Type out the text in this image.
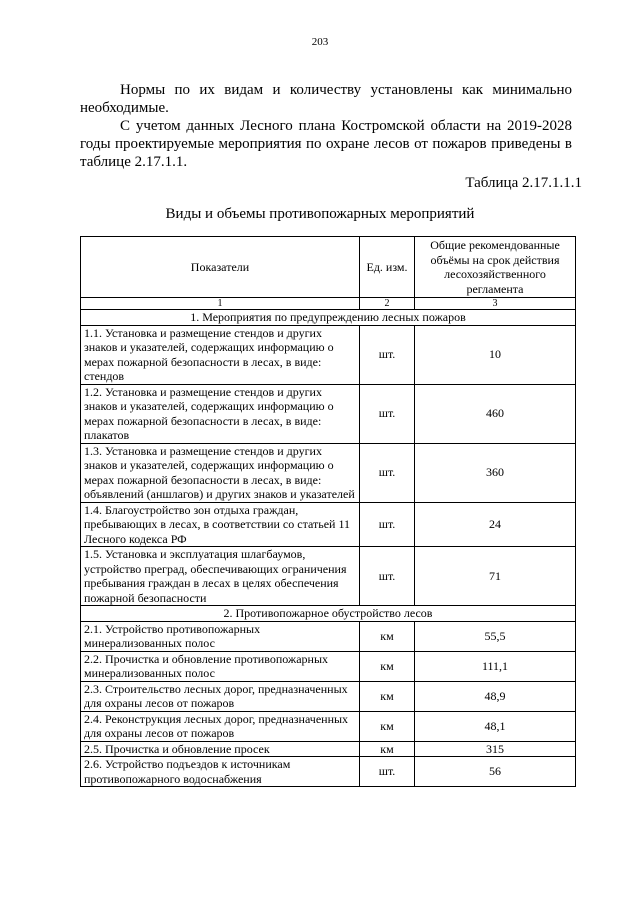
203

Нормы по их видам и количеству установлены как минимально необходимые.

С учетом данных Лесного плана Костромской области на 2019-2028 годы проектируемые мероприятия по охране лесов от пожаров приведены в таблице 2.17.1.1.

Таблица 2.17.1.1.1
Виды и объемы противопожарных мероприятий
Показатели	Ед. изм.	Общие рекомендованные объёмы на срок действия лесохозяйственного регламента
1	2	3
1. Мероприятия по предупреждению лесных пожаров		
1.1. Установка и размещение стендов и других знаков и указателей, содержащих информацию о мерах пожарной безопасности в лесах, в виде: стендов	шт.	10
1.2. Установка и размещение стендов и других знаков и указателей, содержащих информацию о мерах пожарной безопасности в лесах, в виде: плакатов	шт.	460
1.3. Установка и размещение стендов и других знаков и указателей, содержащих информацию о мерах пожарной безопасности в лесах, в виде: объявлений (аншлагов) и других знаков и указателей	шт.	360
1.4. Благоустройство зон отдыха граждан, пребывающих в лесах, в соответствии со статьей 11 Лесного кодекса РФ	шт.	24
1.5. Установка и эксплуатация шлагбаумов, устройство преград, обеспечивающих ограничения пребывания граждан в лесах в целях обеспечения пожарной безопасности	шт.	71
2. Противопожарное обустройство лесов		
2.1. Устройство противопожарных минерализованных полос	км	55,5
2.2. Прочистка и обновление противопожарных минерализованных полос	км	111,1
2.3. Строительство лесных дорог, предназначенных для охраны лесов от пожаров	км	48,9
2.4. Реконструкция лесных дорог, предназначенных для охраны лесов от пожаров	км	48,1
2.5. Прочистка и обновление просек	км	315
2.6. Устройство подъездов к источникам противопожарного водоснабжения	шт.	56
